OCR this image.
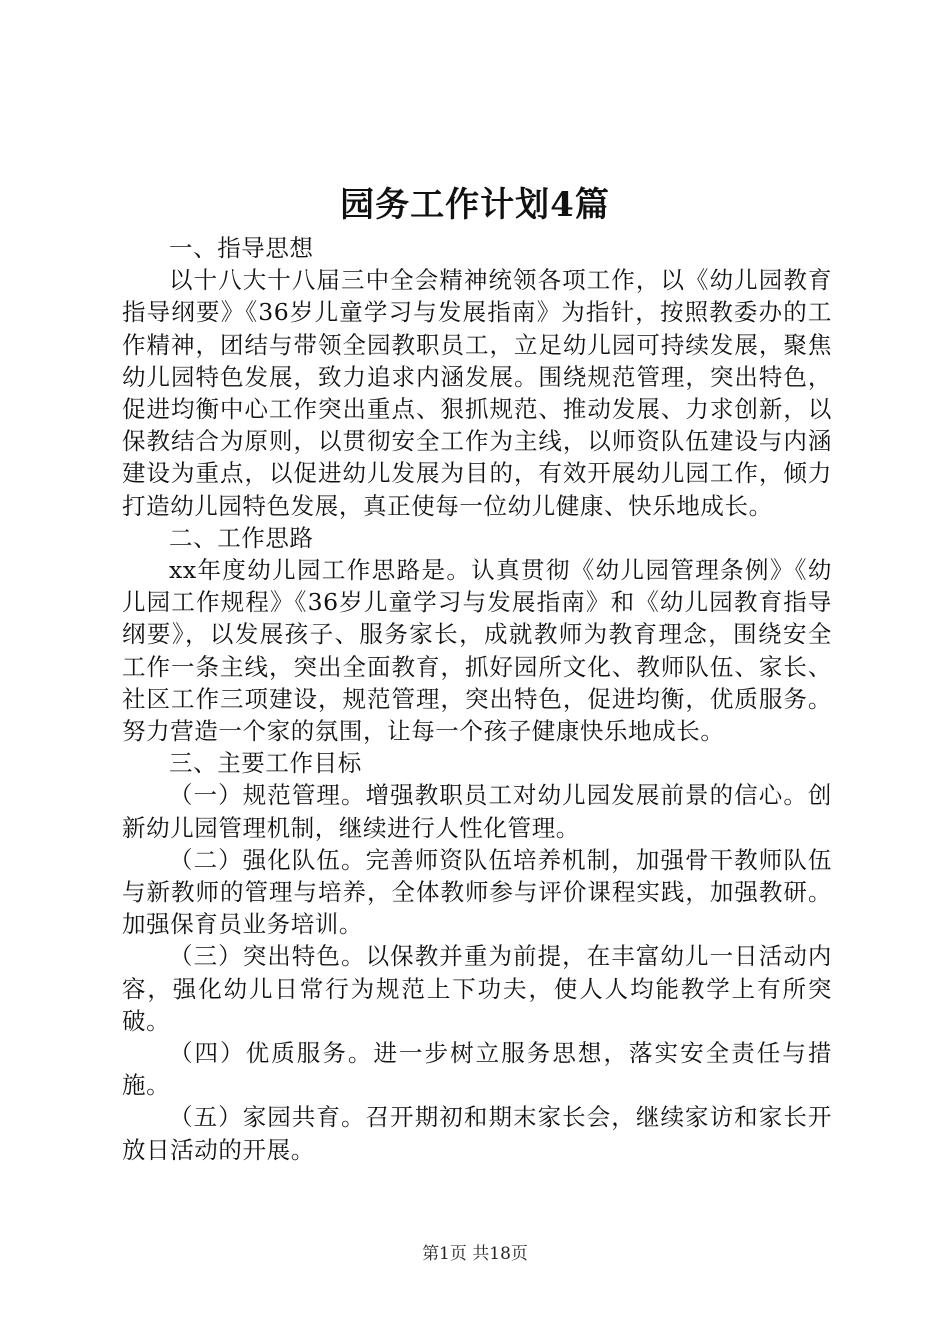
园务工作计划4篇

一、指导思想

以十八大十八届三中全会精神统领各项工作，以《幼儿园教育指导纲要》《36岁儿童学习与发展指南》为指针，按照教委办的工作精神，团结与带领全园教职员工，立足幼儿园可持续发展，聚焦幼儿园特色发展，致力追求内涵发展。围绕规范管理，突出特色，促进均衡中心工作突出重点、狠抓规范、推动发展、力求创新，以保教结合为原则，以贯彻安全工作为主线，以师资队伍建设与内涵建设为重点，以促进幼儿发展为目的，有效开展幼儿园工作，倾力打造幼儿园特色发展，真正使每一位幼儿健康、快乐地成长。

二、工作思路

xx年度幼儿园工作思路是。认真贯彻《幼儿园管理条例》《幼儿园工作规程》《36岁儿童学习与发展指南》和《幼儿园教育指导纲要》，以发展孩子、服务家长，成就教师为教育理念，围绕安全工作一条主线，突出全面教育，抓好园所文化、教师队伍、家长、社区工作三项建设，规范管理，突出特色，促进均衡，优质服务。努力营造一个家的氛围，让每一个孩子健康快乐地成长。

三、主要工作目标

（一）规范管理。增强教职员工对幼儿园发展前景的信心。创新幼儿园管理机制，继续进行人性化管理。

（二）强化队伍。完善师资队伍培养机制，加强骨干教师队伍与新教师的管理与培养，全体教师参与评价课程实践，加强教研。加强保育员业务培训。

（三）突出特色。以保教并重为前提，在丰富幼儿一日活动内容，强化幼儿日常行为规范上下功夫，使人人均能教学上有所突破。

（四）优质服务。进一步树立服务思想，落实安全责任与措施。

（五）家园共育。召开期初和期末家长会，继续家访和家长开放日活动的开展。

第1页 共18页
